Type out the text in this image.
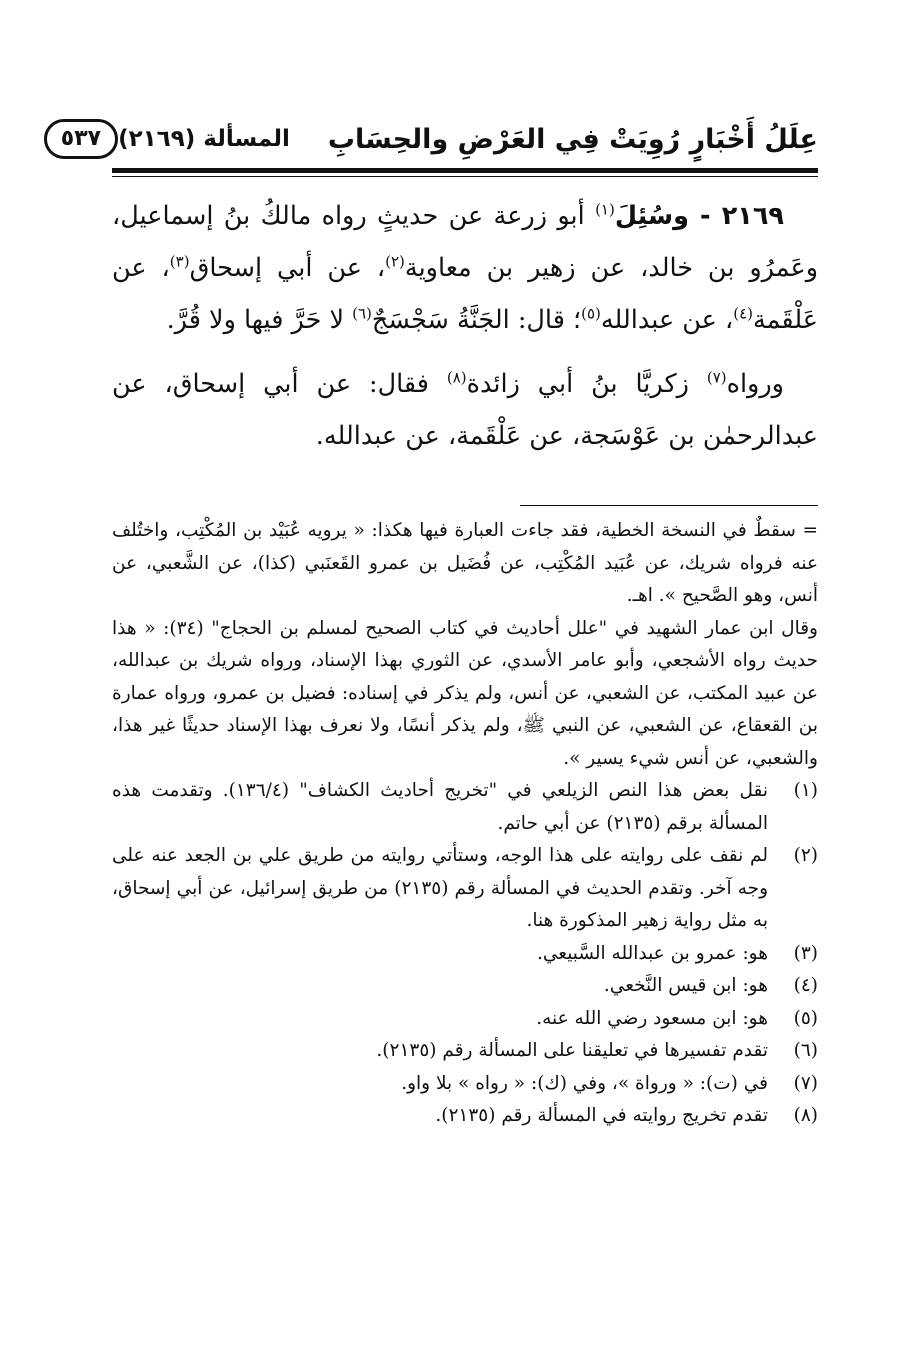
عِلَلُ أَخْبَارٍ رُوِيَتْ فِي العَرْضِ والحِسَابِ
المسألة (٢١٦٩)
٥٣٧

٢١٦٩ - وسُئِلَ$^{(١)}$ أبو زرعة عن حديثٍ رواه مالكُ بنُ إسماعيل، وعَمرُو بن خالد، عن زهير بن معاوية$^{(٢)}$، عن أبي إسحاق$^{(٣)}$، عن عَلْقَمة$^{(٤)}$، عن عبدالله$^{(٥)}$؛ قال: الجَنَّةُ سَجْسَجٌ$^{(٦)}$ لا حَرَّ فيها ولا قُرَّ.

ورواه$^{(٧)}$ زكريَّا بنُ أبي زائدة$^{(٨)}$ فقال: عن أبي إسحاق، عن عبدالرحمٰن بن عَوْسَجة، عن عَلْقَمة، عن عبدالله.

= سقطٌ في النسخة الخطية، فقد جاءت العبارة فيها هكذا: « يرويه عُبَيْد بن المُكْتِب، واختُلف عنه فرواه شريك، عن عُبَيد المُكْتِب، عن فُضَيل بن عمرو القَعنَبي (كذا)، عن الشَّعبي، عن أنس، وهو الصَّحيح ». اهـ.

وقال ابن عمار الشهيد في "علل أحاديث في كتاب الصحيح لمسلم بن الحجاج" (٣٤): « هذا حديث رواه الأشجعي، وأبو عامر الأسدي، عن الثوري بهذا الإسناد، ورواه شريك بن عبدالله، عن عبيد المكتب، عن الشعبي، عن أنس، ولم يذكر في إسناده: فضيل بن عمرو، ورواه عمارة بن القعقاع، عن الشعبي، عن النبي ﷺ، ولم يذكر أنسًا، ولا نعرف بهذا الإسناد حديثًا غير هذا، والشعبي، عن أنس شيء يسير ».

(١)
نقل بعض هذا النص الزيلعي في "تخريج أحاديث الكشاف" (١٣٦/٤). وتقدمت هذه المسألة برقم (٢١٣٥) عن أبي حاتم.
(٢)
لم نقف على روايته على هذا الوجه، وستأتي روايته من طريق علي بن الجعد عنه على وجه آخر. وتقدم الحديث في المسألة رقم (٢١٣٥) من طريق إسرائيل، عن أبي إسحاق، به مثل رواية زهير المذكورة هنا.
(٣)
هو: عمرو بن عبدالله السَّبيعي.
(٤)
هو: ابن قيس النَّخعي.
(٥)
هو: ابن مسعود رضي الله عنه.
(٦)
تقدم تفسيرها في تعليقنا على المسألة رقم (٢١٣٥).
(٧)
في (ت): « ورواة »، وفي (ك): « رواه » بلا واو.
(٨)
تقدم تخريج روايته في المسألة رقم (٢١٣٥).
